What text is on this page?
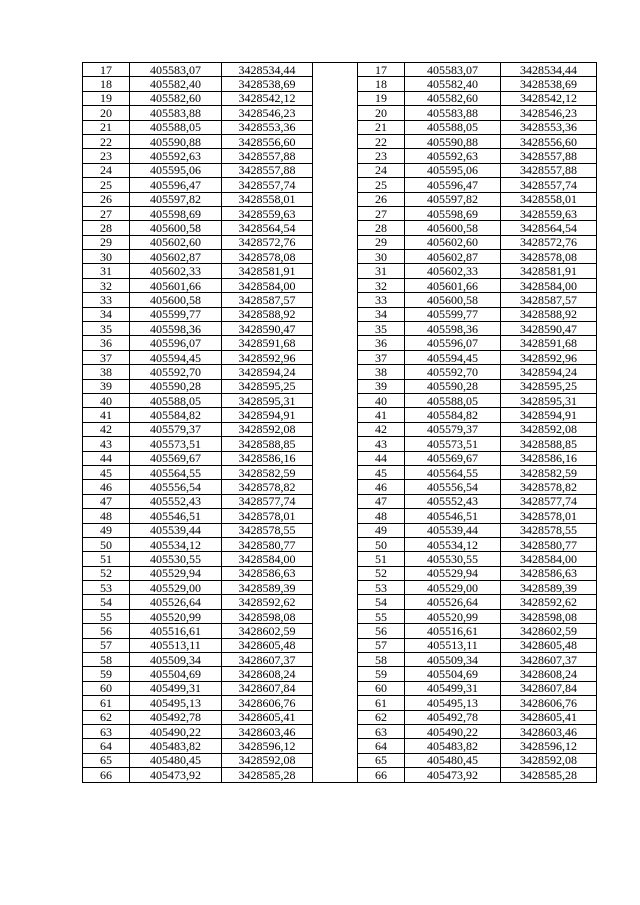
17	405583,07	3428534,44		17	405583,07	3428534,44
18	405582,40	3428538,69		18	405582,40	3428538,69
19	405582,60	3428542,12		19	405582,60	3428542,12
20	405583,88	3428546,23		20	405583,88	3428546,23
21	405588,05	3428553,36		21	405588,05	3428553,36
22	405590,88	3428556,60		22	405590,88	3428556,60
23	405592,63	3428557,88		23	405592,63	3428557,88
24	405595,06	3428557,88		24	405595,06	3428557,88
25	405596,47	3428557,74		25	405596,47	3428557,74
26	405597,82	3428558,01		26	405597,82	3428558,01
27	405598,69	3428559,63		27	405598,69	3428559,63
28	405600,58	3428564,54		28	405600,58	3428564,54
29	405602,60	3428572,76		29	405602,60	3428572,76
30	405602,87	3428578,08		30	405602,87	3428578,08
31	405602,33	3428581,91		31	405602,33	3428581,91
32	405601,66	3428584,00		32	405601,66	3428584,00
33	405600,58	3428587,57		33	405600,58	3428587,57
34	405599,77	3428588,92		34	405599,77	3428588,92
35	405598,36	3428590,47		35	405598,36	3428590,47
36	405596,07	3428591,68		36	405596,07	3428591,68
37	405594,45	3428592,96		37	405594,45	3428592,96
38	405592,70	3428594,24		38	405592,70	3428594,24
39	405590,28	3428595,25		39	405590,28	3428595,25
40	405588,05	3428595,31		40	405588,05	3428595,31
41	405584,82	3428594,91		41	405584,82	3428594,91
42	405579,37	3428592,08		42	405579,37	3428592,08
43	405573,51	3428588,85		43	405573,51	3428588,85
44	405569,67	3428586,16		44	405569,67	3428586,16
45	405564,55	3428582,59		45	405564,55	3428582,59
46	405556,54	3428578,82		46	405556,54	3428578,82
47	405552,43	3428577,74		47	405552,43	3428577,74
48	405546,51	3428578,01		48	405546,51	3428578,01
49	405539,44	3428578,55		49	405539,44	3428578,55
50	405534,12	3428580,77		50	405534,12	3428580,77
51	405530,55	3428584,00		51	405530,55	3428584,00
52	405529,94	3428586,63		52	405529,94	3428586,63
53	405529,00	3428589,39		53	405529,00	3428589,39
54	405526,64	3428592,62		54	405526,64	3428592,62
55	405520,99	3428598,08		55	405520,99	3428598,08
56	405516,61	3428602,59		56	405516,61	3428602,59
57	405513,11	3428605,48		57	405513,11	3428605,48
58	405509,34	3428607,37		58	405509,34	3428607,37
59	405504,69	3428608,24		59	405504,69	3428608,24
60	405499,31	3428607,84		60	405499,31	3428607,84
61	405495,13	3428606,76		61	405495,13	3428606,76
62	405492,78	3428605,41		62	405492,78	3428605,41
63	405490,22	3428603,46		63	405490,22	3428603,46
64	405483,82	3428596,12		64	405483,82	3428596,12
65	405480,45	3428592,08		65	405480,45	3428592,08
66	405473,92	3428585,28		66	405473,92	3428585,28
